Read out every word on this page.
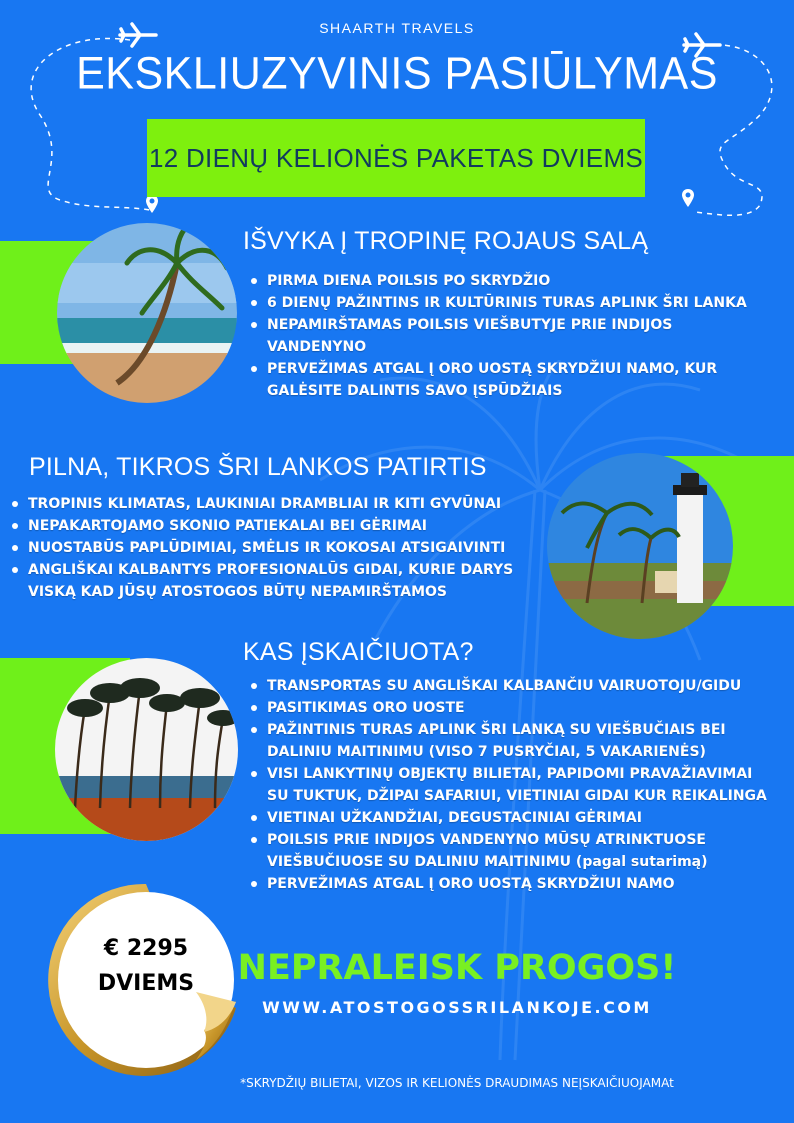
SHAARTH TRAVELS
EKSKLIUZYVINIS PASIŪLYMAS
12 DIENŲ KELIONĖS PAKETAS DVIEMS
IŠVYKA Į TROPINĘ ROJAUS SALĄ
PIRMA DIENA POILSIS PO SKRYDŽIO
6 DIENŲ PAŽINTINS IR KULTŪRINIS TURAS APLINK ŠRI LANKA
NEPAMIRŠTAMAS POILSIS VIEŠBUTYJE PRIE INDIJOS VANDENYNO
PERVEŽIMAS ATGAL Į ORO UOSTĄ SKRYDŽIUI NAMO, KUR GALĖSITE DALINTIS SAVO ĮSPŪDŽIAIS
PILNA, TIKROS ŠRI LANKOS PATIRTIS
TROPINIS KLIMATAS, LAUKINIAI DRAMBLIAI IR KITI GYVŪNAI
NEPAKARTOJAMO SKONIO PATIEKALAI BEI GĖRIMAI
NUOSTABŪS PAPLŪDIMIAI, SMĖLIS IR KOKOSAI ATSIGAIVINTI
ANGLIŠKAI KALBANTYS PROFESIONALŪS GIDAI, KURIE DARYS VISKĄ KAD JŪSŲ ATOSTOGOS BŪTŲ NEPAMIRŠTAMOS
KAS ĮSKAIČIUOTA?
TRANSPORTAS SU ANGLIŠKAI KALBANČIU VAIRUOTOJU/GIDU
PASITIKIMAS ORO UOSTE
PAŽINTINIS TURAS APLINK ŠRI LANKĄ SU VIEŠBUČIAIS BEI DALINIU MAITINIMU (VISO 7 PUSRYČIAI, 5 VAKARIENĖS)
VISI LANKYTINŲ OBJEKTŲ BILIETAI, PAPIDOMI PRAVAŽIAVIMAI SU TUKTUK, DŽIPAI SAFARIUI, VIETINIAI GIDAI KUR REIKALINGA
VIETINAI UŽKANDŽIAI, DEGUSTACINIAI GĖRIMAI
POILSIS PRIE INDIJOS VANDENYNO MŪSŲ ATRINKTUOSE VIEŠBUČIUOSE SU DALINIU MAITINIMU (pagal sutarimą)
PERVEŽIMAS ATGAL Į ORO UOSTĄ SKRYDŽIUI NAMO
€ 2295
DVIEMS	NEPRALEISK PROGOS!
WWW.ATOSTOGOSSRILANKOJE.COM
*SKRYDŽIŲ BILIETAI, VIZOS IR KELIONĖS DRAUDIMAS NEĮSKAIČIUOJAMAt
